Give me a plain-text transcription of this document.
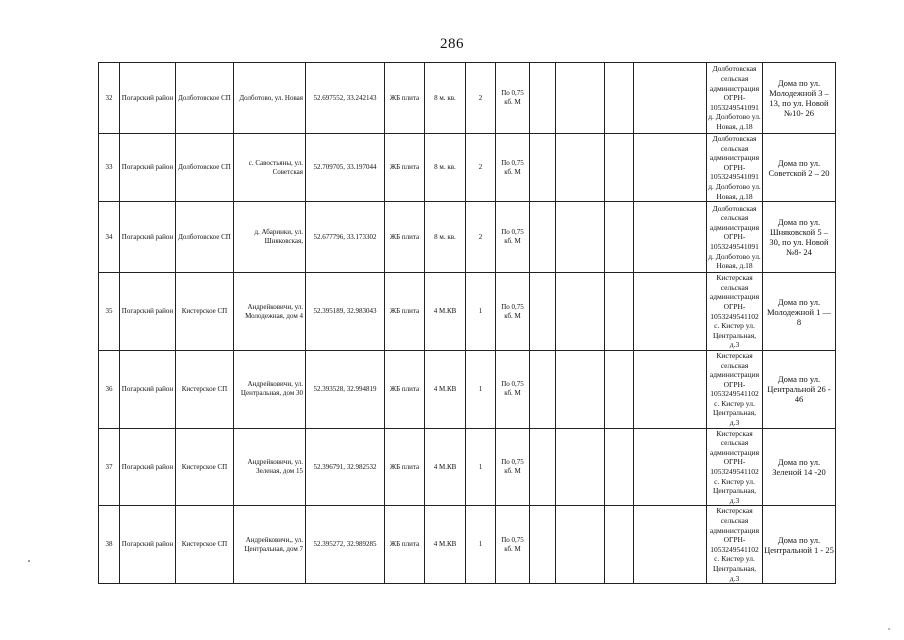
286
32	Погарский район	Долботовское СП	Долботово, ул. Новая	52.697552, 33.242143	ЖБ плита	8 м. кв.	2	По 0,75 кб. М					Долботовская сельская администрация ОГРН- 1053249541091 д. Долботово ул. Новая, д.18	Дома по ул. Молодежной 3 – 13, по ул. Новой №10- 26
33	Погарский район	Долботовское СП	с. Савостьяны, ул. Советская	52.709705, 33.197044	ЖБ плита	8 м. кв.	2	По 0,75 кб. М					Долботовская сельская администрация ОГРН- 1053249541091 д. Долботово ул. Новая, д.18	Дома по ул. Советской 2 – 20
34	Погарский район	Долботовское СП	д. Абаринки, ул. Шняковская,	52.677796, 33.173302	ЖБ плита	8 м. кв.	2	По 0,75 кб. М					Долботовская сельская администрация ОГРН- 1053249541091 д. Долботово ул. Новая, д.18	Дома по ул. Шняковской 5 – 30, по ул. Новой №8- 24
35	Погарский район	Кистерское СП	Андрейковичи, ул. Молодежная, дом 4	52.395189, 32.983043	ЖБ плита	4 М.КВ	1	По 0,75 кб. М					Кистерская сельская администрация ОГРН- 1053249541102 с. Кистер ул. Центральная, д.3	Дома по ул. Молодежной 1 — 8
36	Погарский район	Кистерское СП	Андрейковичи, ул. Центральная, дом 30	52.393528, 32.994819	ЖБ плита	4 М.КВ	1	По 0,75 кб. М					Кистерская сельская администрация ОГРН- 1053249541102 с. Кистер ул. Центральная, д.3	Дома по ул. Центральной 26 - 46
37	Погарский район	Кистерское СП	Андрейковичи, ул. Зеленая, дом 15	52.396791, 32.982532	ЖБ плита	4 М.КВ	1	По 0,75 кб. М					Кистерская сельская администрация ОГРН- 1053249541102 с. Кистер ул. Центральная, д.3	Дома по ул. Зеленой 14 -20
38	Погарский район	Кистерское СП	Андрейковичи,, ул. Центральная, дом 7	52.395272, 32.989285	ЖБ плита	4 М.КВ	1	По 0,75 кб. М					Кистерская сельская администрация ОГРН- 1053249541102 с. Кистер ул. Центральная, д.3	Дома по ул. Центральной 1 - 25
